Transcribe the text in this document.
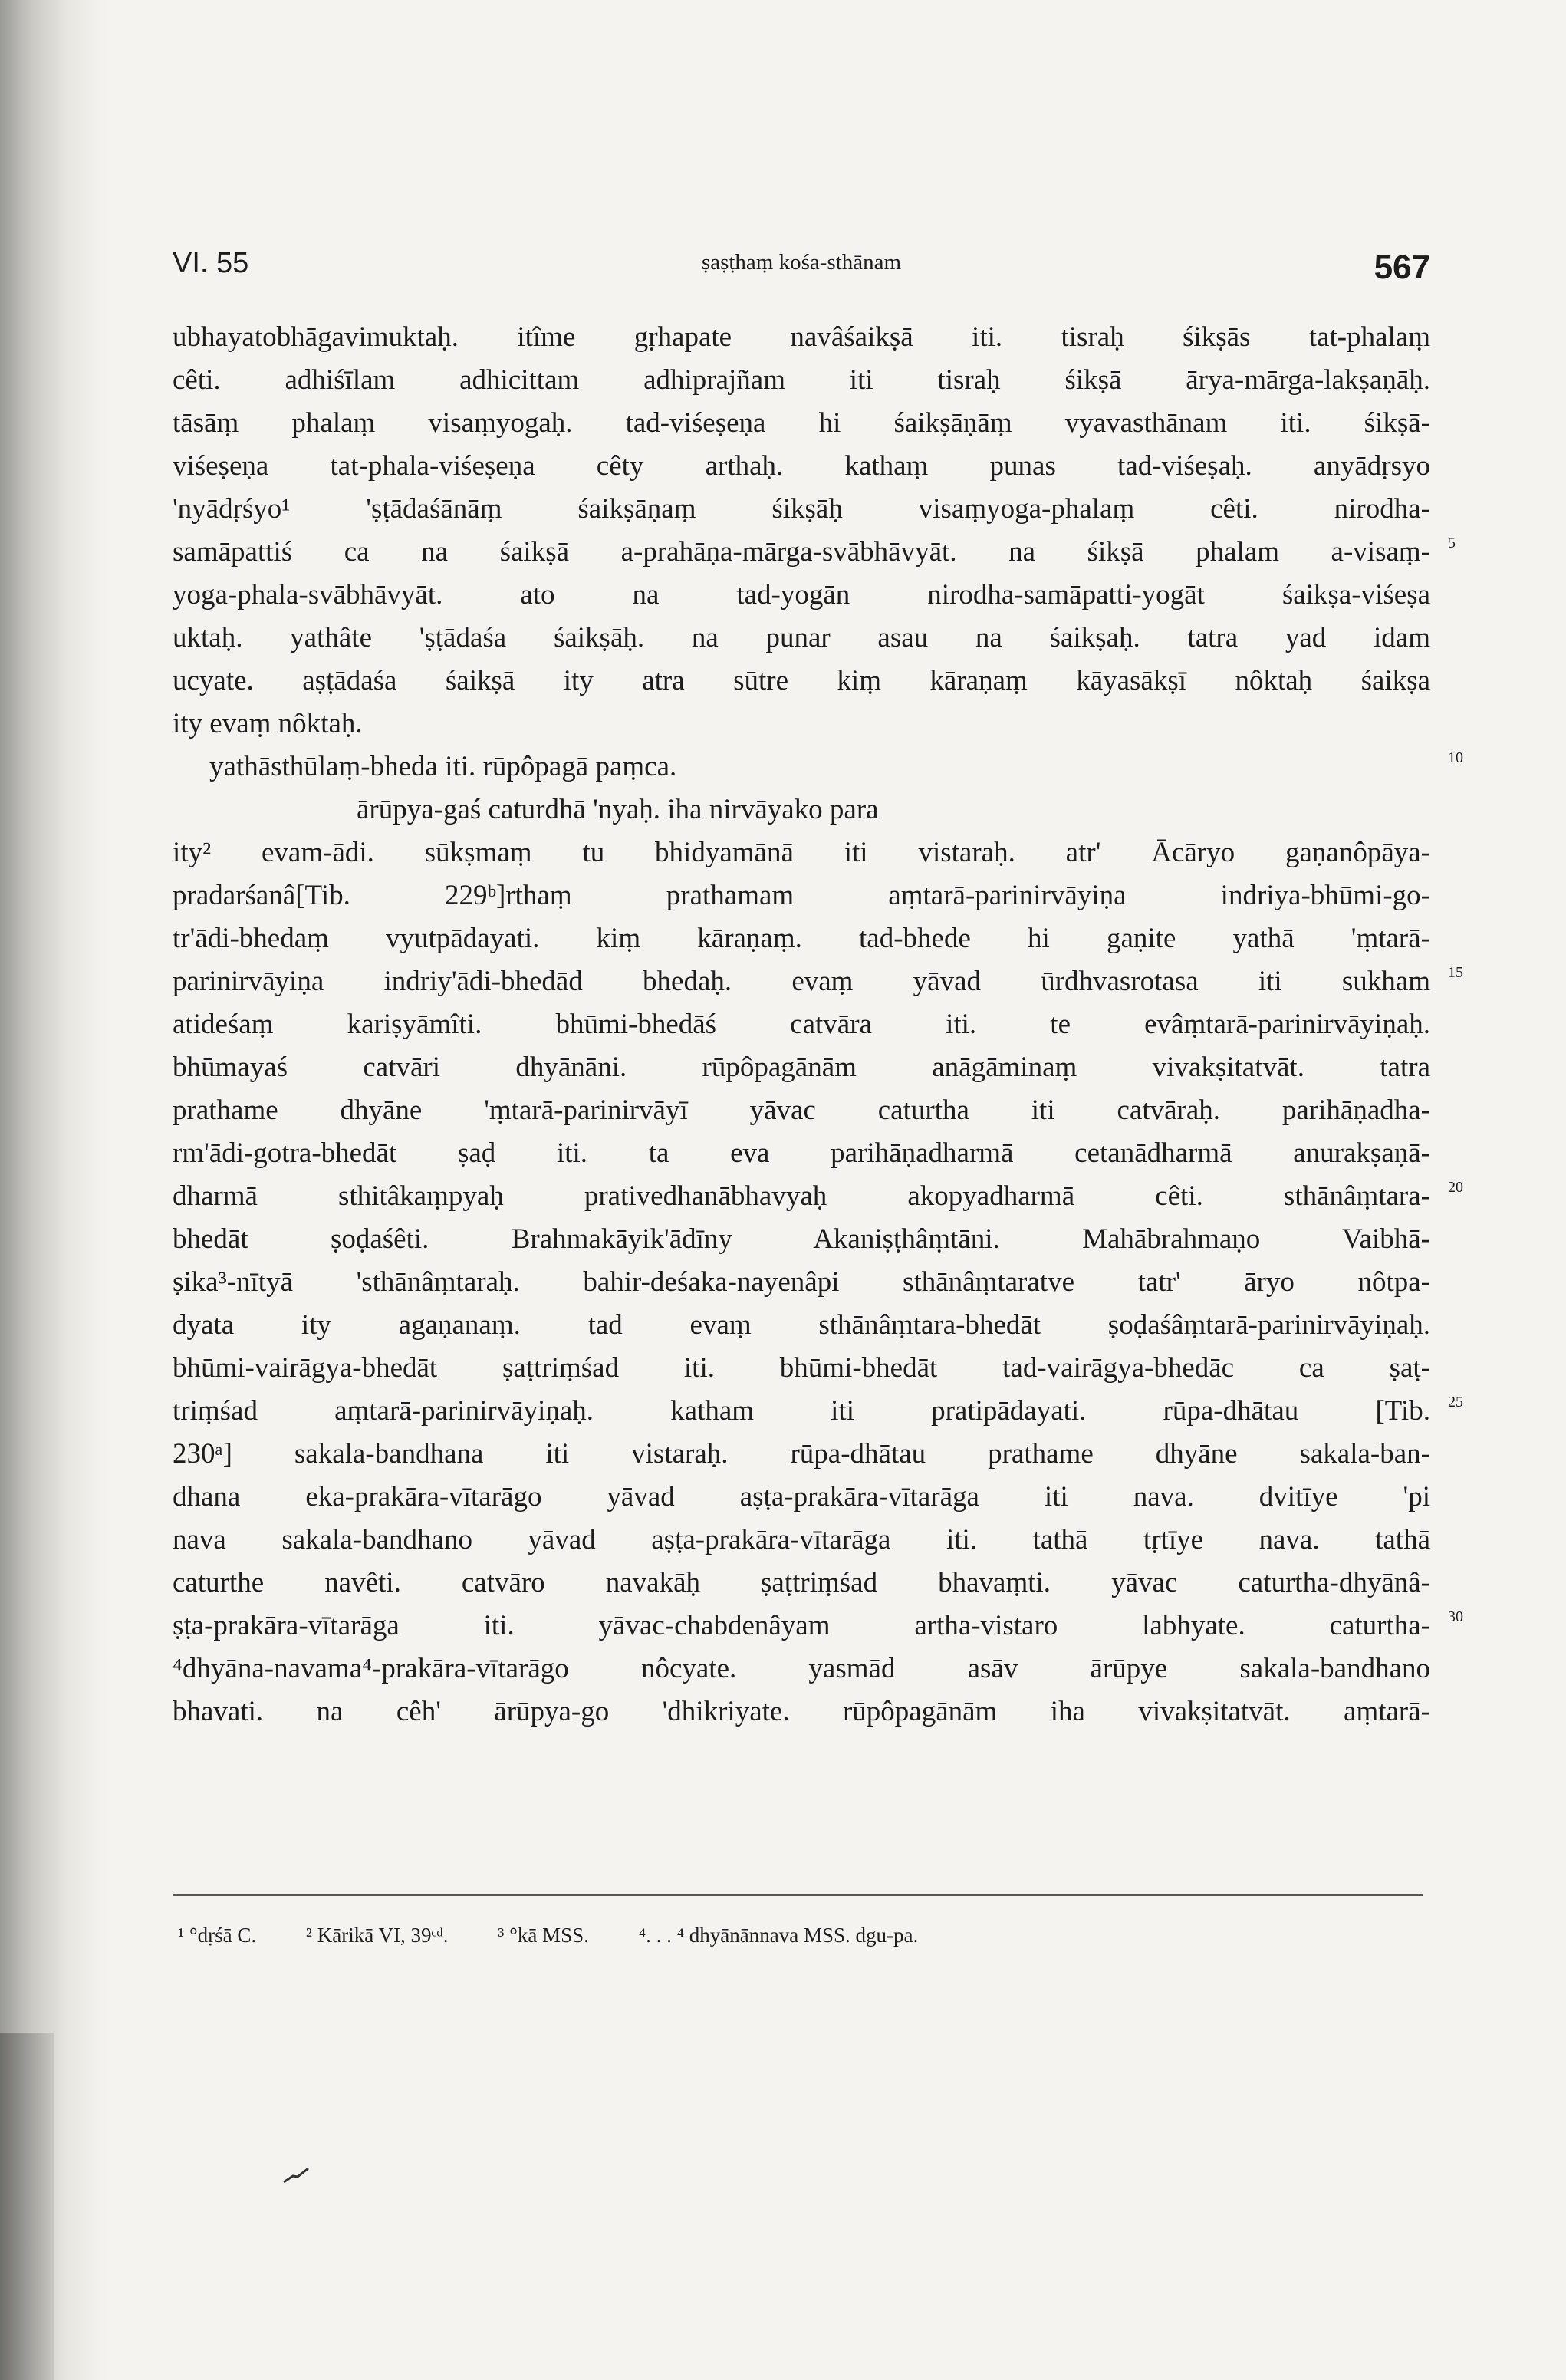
VI. 55	ṣaṣṭhaṃ kośa-sthānam	567
ubhayatobhāgavimuktaḥ. itîme gṛhapate navâśaikṣā iti. tisraḥ śikṣās tat-phalaṃ
cêti. adhiśīlam adhicittam adhiprajñam iti tisraḥ śikṣā ārya-mārga-lakṣaṇāḥ.
tāsāṃ phalaṃ visaṃyogaḥ. tad-viśeṣeṇa hi śaikṣāṇāṃ vyavasthānam iti. śikṣā-
viśeṣeṇa tat-phala-viśeṣeṇa cêty arthaḥ. kathaṃ punas tad-viśeṣaḥ. anyādṛsyo
'nyādṛśyo¹ 'ṣṭādaśānāṃ śaikṣāṇaṃ śikṣāḥ visaṃyoga-phalaṃ cêti. nirodha-
samāpattiś ca na śaikṣā a-prahāṇa-mārga-svābhāvyāt. na śikṣā phalam a-visaṃ-
yoga-phala-svābhāvyāt. ato na tad-yogān nirodha-samāpatti-yogāt śaikṣa-viśeṣa
uktaḥ. yathâte 'ṣṭādaśa śaikṣāḥ. na punar asau na śaikṣaḥ. tatra yad idam
ucyate. aṣṭādaśa śaikṣā ity atra sūtre kiṃ kāraṇaṃ kāyasākṣī nôktaḥ śaikṣa
ity evaṃ nôktaḥ.
yathāsthūlaṃ-bheda iti. rūpôpagā paṃca.
ārūpya-gaś caturdhā 'nyaḥ. iha nirvāyako para
ity² evam-ādi. sūkṣmaṃ tu bhidyamānā iti vistaraḥ. atr' Ācāryo gaṇanôpāya-
pradarśanâ[Tib. 229ᵇ]rthaṃ prathamam aṃtarā-parinirvāyiṇa indriya-bhūmi-go-
tr'ādi-bhedaṃ vyutpādayati. kiṃ kāraṇaṃ. tad-bhede hi gaṇite yathā 'ṃtarā-
parinirvāyiṇa indriy'ādi-bhedād bhedaḥ. evaṃ yāvad ūrdhvasrotasa iti sukham
atideśaṃ kariṣyāmîti. bhūmi-bhedāś catvāra iti. te evâṃtarā-parinirvāyiṇaḥ.
bhūmayaś catvāri dhyānāni. rūpôpagānām anāgāminaṃ vivakṣitatvāt. tatra
prathame dhyāne 'ṃtarā-parinirvāyī yāvac caturtha iti catvāraḥ. parihāṇadha-
rm'ādi-gotra-bhedāt ṣaḍ iti. ta eva parihāṇadharmā cetanādharmā anurakṣaṇā-
dharmā sthitâkaṃpyaḥ prativedhanābhavyaḥ akopyadharmā cêti. sthānâṃtara-
bhedāt ṣoḍaśêti. Brahmakāyik'ādīny Akaniṣṭhâṃtāni. Mahābrahmaṇo Vaibhā-
ṣika³-nītyā 'sthānâṃtaraḥ. bahir-deśaka-nayenâpi sthānâṃtaratve tatr' āryo nôtpa-
dyata ity agaṇanaṃ. tad evaṃ sthānâṃtara-bhedāt ṣoḍaśâṃtarā-parinirvāyiṇaḥ.
bhūmi-vairāgya-bhedāt ṣaṭtriṃśad iti. bhūmi-bhedāt tad-vairāgya-bhedāc ca ṣaṭ-
triṃśad aṃtarā-parinirvāyiṇaḥ. katham iti pratipādayati. rūpa-dhātau [Tib.
230ᵃ] sakala-bandhana iti vistaraḥ. rūpa-dhātau prathame dhyāne sakala-ban-
dhana eka-prakāra-vītarāgo yāvad aṣṭa-prakāra-vītarāga iti nava. dvitīye 'pi
nava sakala-bandhano yāvad aṣṭa-prakāra-vītarāga iti. tathā tṛtīye nava. tathā
caturthe navêti. catvāro navakāḥ ṣaṭtriṃśad bhavaṃti. yāvac caturtha-dhyānâ-
ṣṭa-prakāra-vītarāga iti. yāvac-chabdenâyam artha-vistaro labhyate. caturtha-
⁴dhyāna-navama⁴-prakāra-vītarāgo nôcyate. yasmād asāv ārūpye sakala-bandhano
bhavati. na cêh' ārūpya-go 'dhikriyate. rūpôpagānām iha vivakṣitatvāt. aṃtarā-
5
10
15
20
25
30
¹ °dṛśā C. ² Kārikā VI, 39ᶜᵈ. ³ °kā MSS. ⁴. . . ⁴ dhyānānnava MSS. dgu-pa.
